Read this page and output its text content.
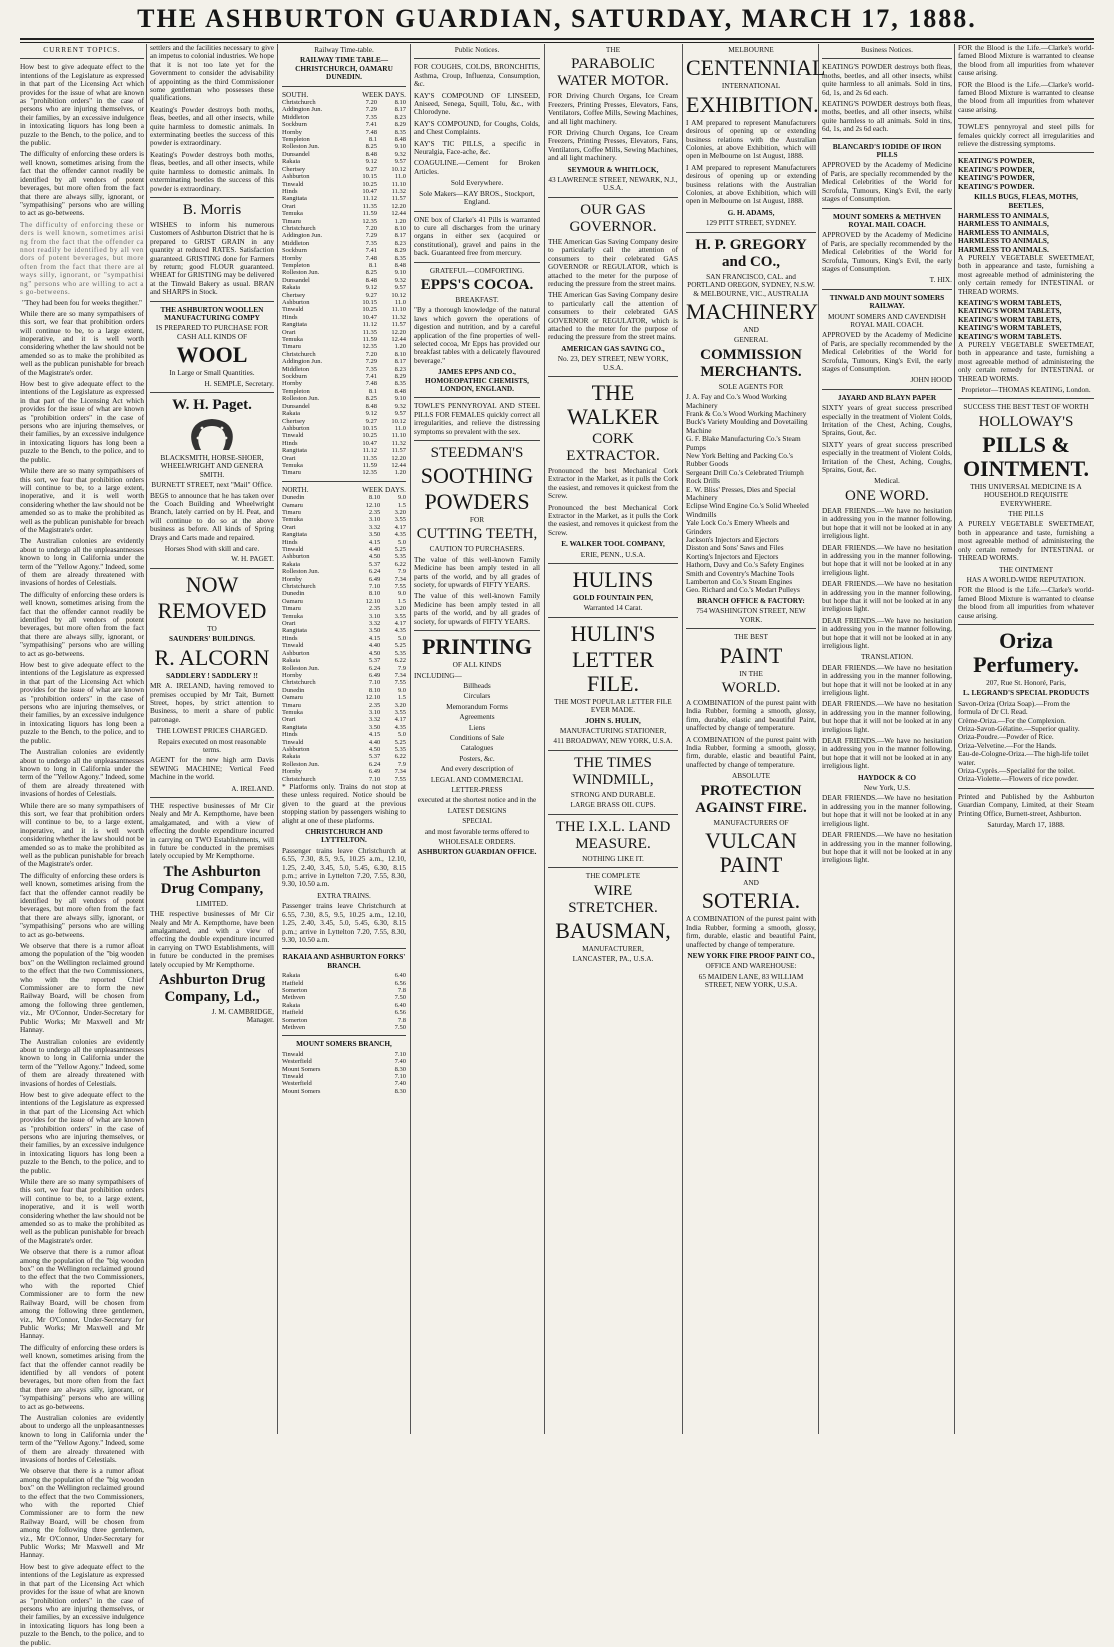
THE ASHBURTON GUARDIAN, SATURDAY, MARCH 17, 1888.
CURRENT TOPICS.

How best to give adequate effect to the intentions of the Legislature as expressed in that part of the Licensing Act which provides for the issue of what are known as "prohibition orders" in the case of persons who are injuring themselves, or their families, by an excessive indulgence in intoxicating liquors has long been a puzzle to the Bench, to the police, and to the public.

The difficulty of enforcing these orders is well known, sometimes arising from the fact that the offender cannot readily be identified by all vendors of potent beverages, but more often from the fact that there are always silly, ignorant, or "sympathising" persons who are willing to act as go-betweens.

The difficulty of enforcing these orders is well known, sometimes arising from the fact that the offender cannot readily be identified by all vendors of potent beverages, but more often from the fact that there are always silly, ignorant, or "sympathising" persons who are willing to act as go-betweens.

"They had been fou for weeks thegither."

While there are so many sympathisers of this sort, we fear that prohibition orders will continue to be, to a large extent, inoperative, and it is well worth considering whether the law should not be amended so as to make the prohibited as well as the publican punishable for breach of the Magistrate's order.

How best to give adequate effect to the intentions of the Legislature as expressed in that part of the Licensing Act which provides for the issue of what are known as "prohibition orders" in the case of persons who are injuring themselves, or their families, by an excessive indulgence in intoxicating liquors has long been a puzzle to the Bench, to the police, and to the public.

While there are so many sympathisers of this sort, we fear that prohibition orders will continue to be, to a large extent, inoperative, and it is well worth considering whether the law should not be amended so as to make the prohibited as well as the publican punishable for breach of the Magistrate's order.

The Australian colonies are evidently about to undergo all the unpleasantnesses known to long in California under the term of the "Yellow Agony." Indeed, some of them are already threatened with invasions of hordes of Celestials.

The difficulty of enforcing these orders is well known, sometimes arising from the fact that the offender cannot readily be identified by all vendors of potent beverages, but more often from the fact that there are always silly, ignorant, or "sympathising" persons who are willing to act as go-betweens.

How best to give adequate effect to the intentions of the Legislature as expressed in that part of the Licensing Act which provides for the issue of what are known as "prohibition orders" in the case of persons who are injuring themselves, or their families, by an excessive indulgence in intoxicating liquors has long been a puzzle to the Bench, to the police, and to the public.

The Australian colonies are evidently about to undergo all the unpleasantnesses known to long in California under the term of the "Yellow Agony." Indeed, some of them are already threatened with invasions of hordes of Celestials.

While there are so many sympathisers of this sort, we fear that prohibition orders will continue to be, to a large extent, inoperative, and it is well worth considering whether the law should not be amended so as to make the prohibited as well as the publican punishable for breach of the Magistrate's order.

The difficulty of enforcing these orders is well known, sometimes arising from the fact that the offender cannot readily be identified by all vendors of potent beverages, but more often from the fact that there are always silly, ignorant, or "sympathising" persons who are willing to act as go-betweens.

We observe that there is a rumor afloat among the population of the "big wooden box" on the Wellington reclaimed ground to the effect that the two Commissioners, who with the reported Chief Commissioner are to form the new Railway Board, will be chosen from among the following three gentlemen, viz., Mr O'Connor, Under-Secretary for Public Works; Mr Maxwell and Mr Hannay.

The Australian colonies are evidently about to undergo all the unpleasantnesses known to long in California under the term of the "Yellow Agony." Indeed, some of them are already threatened with invasions of hordes of Celestials.

How best to give adequate effect to the intentions of the Legislature as expressed in that part of the Licensing Act which provides for the issue of what are known as "prohibition orders" in the case of persons who are injuring themselves, or their families, by an excessive indulgence in intoxicating liquors has long been a puzzle to the Bench, to the police, and to the public.

While there are so many sympathisers of this sort, we fear that prohibition orders will continue to be, to a large extent, inoperative, and it is well worth considering whether the law should not be amended so as to make the prohibited as well as the publican punishable for breach of the Magistrate's order.

We observe that there is a rumor afloat among the population of the "big wooden box" on the Wellington reclaimed ground to the effect that the two Commissioners, who with the reported Chief Commissioner are to form the new Railway Board, will be chosen from among the following three gentlemen, viz., Mr O'Connor, Under-Secretary for Public Works; Mr Maxwell and Mr Hannay.

The difficulty of enforcing these orders is well known, sometimes arising from the fact that the offender cannot readily be identified by all vendors of potent beverages, but more often from the fact that there are always silly, ignorant, or "sympathising" persons who are willing to act as go-betweens.

The Australian colonies are evidently about to undergo all the unpleasantnesses known to long in California under the term of the "Yellow Agony." Indeed, some of them are already threatened with invasions of hordes of Celestials.

We observe that there is a rumor afloat among the population of the "big wooden box" on the Wellington reclaimed ground to the effect that the two Commissioners, who with the reported Chief Commissioner are to form the new Railway Board, will be chosen from among the following three gentlemen, viz., Mr O'Connor, Under-Secretary for Public Works; Mr Maxwell and Mr Hannay.

How best to give adequate effect to the intentions of the Legislature as expressed in that part of the Licensing Act which provides for the issue of what are known as "prohibition orders" in the case of persons who are injuring themselves, or their families, by an excessive indulgence in intoxicating liquors has long been a puzzle to the Bench, to the police, and to the public.

settlers and the facilities necessary to give an impetus to colonial industries. We hope that it is not too late yet for the Government to consider the advisability of appointing as the third Commissioner some gentleman who possesses these qualifications.

Keating's Powder destroys both moths, fleas, beetles, and all other insects, while quite harmless to domestic animals. In exterminating beetles the success of this powder is extraordinary.

Keating's Powder destroys both moths, fleas, beetles, and all other insects, while quite harmless to domestic animals. In exterminating beetles the success of this powder is extraordinary.

B. Morris

WISHES to inform his numerous Customers of Ashburton District that he is prepared to GRIST GRAIN in any quantity at reduced RATES. Satisfaction guaranteed. GRISTING done for Farmers by return; good FLOUR guaranteed. WHEAT for GRISTING may be delivered at the Tinwald Bakery as usual. BRAN and SHARPS in Stock.

THE ASHBURTON WOOLLEN MANUFACTURING COMPY
IS PREPARED TO PURCHASE FOR CASH ALL KINDS OF
WOOL
In Large or Small Quantities.
H. SEMPLE, Secretary.
W. H. Paget.
BLACKSMITH, HORSE-SHOER, WHEELWRIGHT AND GENERA SMITH.
BURNETT STREET, next "Mail" Office.

BEGS to announce that he has taken over the Coach Building and Wheelwright Branch, lately carried on by H. Peat, and will continue to do so at the above business as before. All kinds of Spring Drays and Carts made and repaired.

Horses Shod with skill and care.
W. H. PAGET.
NOW
REMOVED
TO
SAUNDERS' BUILDINGS.
R. ALCORN
SADDLERY ! SADDLERY !!

MR A. IRELAND, having removed to premises occupied by Mr Tait, Burnett Street, hopes, by strict attention to Business, to merit a share of public patronage.

THE LOWEST PRICES CHARGED.
Repairs executed on most reasonable terms.

AGENT for the new high arm Davis SEWING MACHINE; Vertical Feed Machine in the world.

A. IRELAND.

THE respective businesses of Mr Cir Nealy and Mr A. Kempthorne, have been amalgamated, and with a view of effecting the double expenditure incurred in carrying on TWO Establishments, will in future be conducted in the premises lately occupied by Mr Kempthorne.

The Ashburton Drug Company,
LIMITED.

THE respective businesses of Mr Cir Nealy and Mr A. Kempthorne, have been amalgamated, and with a view of effecting the double expenditure incurred in carrying on TWO Establishments, will in future be conducted in the premises lately occupied by Mr Kempthorne.

Ashburton Drug Company, Ld.,
J. M. CAMBRIDGE,
Manager.
Railway Time-table.
RAILWAY TIME TABLE—CHRISTCHURCH, OAMARU DUNEDIN.
SOUTH.	WEEK DAYS.
Christchurch	7.20	8.10
Addington Jun.	7.29	8.17
Middleton	7.35	8.23
Sockburn	7.41	8.29
Hornby	7.48	8.35
Templeton	8.1	8.48
Rolleston Jun.	8.25	9.10
Dunsandel	8.48	9.32
Rakaia	9.12	9.57
Chertsey	9.27	10.12
Ashburton	10.15	11.0
Tinwald	10.25	11.10
Hinds	10.47	11.32
Rangitata	11.12	11.57
Orari	11.35	12.20
Temuka	11.59	12.44
Timaru	12.35	1.20
Christchurch	7.20	8.10
Addington Jun.	7.29	8.17
Middleton	7.35	8.23
Sockburn	7.41	8.29
Hornby	7.48	8.35
Templeton	8.1	8.48
Rolleston Jun.	8.25	9.10
Dunsandel	8.48	9.32
Rakaia	9.12	9.57
Chertsey	9.27	10.12
Ashburton	10.15	11.0
Tinwald	10.25	11.10
Hinds	10.47	11.32
Rangitata	11.12	11.57
Orari	11.35	12.20
Temuka	11.59	12.44
Timaru	12.35	1.20
Christchurch	7.20	8.10
Addington Jun.	7.29	8.17
Middleton	7.35	8.23
Sockburn	7.41	8.29
Hornby	7.48	8.35
Templeton	8.1	8.48
Rolleston Jun.	8.25	9.10
Dunsandel	8.48	9.32
Rakaia	9.12	9.57
Chertsey	9.27	10.12
Ashburton	10.15	11.0
Tinwald	10.25	11.10
Hinds	10.47	11.32
Rangitata	11.12	11.57
Orari	11.35	12.20
Temuka	11.59	12.44
Timaru	12.35	1.20
NORTH.	WEEK DAYS.
Dunedin	8.10	9.0
Oamaru	12.10	1.5
Timaru	2.35	3.20
Temuka	3.10	3.55
Orari	3.32	4.17
Rangitata	3.50	4.35
Hinds	4.15	5.0
Tinwald	4.40	5.25
Ashburton	4.50	5.35
Rakaia	5.37	6.22
Rolleston Jun.	6.24	7.9
Hornby	6.49	7.34
Christchurch	7.10	7.55
Dunedin	8.10	9.0
Oamaru	12.10	1.5
Timaru	2.35	3.20
Temuka	3.10	3.55
Orari	3.32	4.17
Rangitata	3.50	4.35
Hinds	4.15	5.0
Tinwald	4.40	5.25
Ashburton	4.50	5.35
Rakaia	5.37	6.22
Rolleston Jun.	6.24	7.9
Hornby	6.49	7.34
Christchurch	7.10	7.55
Dunedin	8.10	9.0
Oamaru	12.10	1.5
Timaru	2.35	3.20
Temuka	3.10	3.55
Orari	3.32	4.17
Rangitata	3.50	4.35
Hinds	4.15	5.0
Tinwald	4.40	5.25
Ashburton	4.50	5.35
Rakaia	5.37	6.22
Rolleston Jun.	6.24	7.9
Hornby	6.49	7.34
Christchurch	7.10	7.55

* Platforms only. Trains do not stop at these unless required. Notice should be given to the guard at the previous stopping station by passengers wishing to alight at one of these platforms.

CHRISTCHURCH AND LYTTELTON.

Passenger trains leave Christchurch at 6.55, 7.30, 8.5, 9.5, 10.25 a.m., 12.10, 1.25, 2.40, 3.45, 5.0, 5.45, 6.30, 8.15 p.m.; arrive in Lyttelton 7.20, 7.55, 8.30, 9.30, 10.50 a.m.

EXTRA TRAINS.

Passenger trains leave Christchurch at 6.55, 7.30, 8.5, 9.5, 10.25 a.m., 12.10, 1.25, 2.40, 3.45, 5.0, 5.45, 6.30, 8.15 p.m.; arrive in Lyttelton 7.20, 7.55, 8.30, 9.30, 10.50 a.m.

RAKAIA AND ASHBURTON FORKS' BRANCH.
Rakaia	6.40
Hatfield	6.56
Somerton	7.8
Methven	7.50
Rakaia	6.40
Hatfield	6.56
Somerton	7.8
Methven	7.50
MOUNT SOMERS BRANCH,
Tinwald	7.10
Westerfield	7.40
Mount Somers	8.30
Tinwald	7.10
Westerfield	7.40
Mount Somers	8.30
Public Notices.

FOR COUGHS, COLDS, BRONCHITIS, Asthma, Croup, Influenza, Consumption, &c.

KAY'S COMPOUND OF LINSEED, Aniseed, Senega, Squill, Tolu, &c., with Chlorodyne.

KAY'S COMPOUND, for Coughs, Colds, and Chest Complaints.

KAY'S TIC PILLS, a specific in Neuralgia, Face-ache, &c.

COAGULINE.—Cement for Broken Articles.

Sold Everywhere.
Sole Makers—KAY BROS., Stockport, England.

ONE box of Clarke's 41 Pills is warranted to cure all discharges from the urinary organs in either sex (acquired or constitutional), gravel and pains in the back. Guaranteed free from mercury.

GRATEFUL—COMFORTING.
EPPS'S COCOA.
BREAKFAST.

"By a thorough knowledge of the natural laws which govern the operations of digestion and nutrition, and by a careful application of the fine properties of well-selected cocoa, Mr Epps has provided our breakfast tables with a delicately flavoured beverage."

JAMES EPPS AND CO., HOMOEOPATHIC CHEMISTS, LONDON, ENGLAND.

TOWLE'S PENNYROYAL AND STEEL PILLS FOR FEMALES quickly correct all irregularities, and relieve the distressing symptoms so prevalent with the sex.

STEEDMAN'S
SOOTHING
POWDERS
FOR
CUTTING TEETH,
CAUTION TO PURCHASERS.

The value of this well-known Family Medicine has been amply tested in all parts of the world, and by all grades of society, for upwards of FIFTY YEARS.

The value of this well-known Family Medicine has been amply tested in all parts of the world, and by all grades of society, for upwards of FIFTY YEARS.

PRINTING
OF ALL KINDS
INCLUDING—
Billheads
Circulars
Memorandum Forms
Agreements
Liens
Conditions of Sale
Catalogues
Posters, &c.
And every description of
LEGAL AND COMMERCIAL
LETTER-PRESS
executed at the shortest notice and in the
LATEST DESIGNS
SPECIAL
and most favorable terms offered to
WHOLESALE ORDERS.
ASHBURTON GUARDIAN OFFICE.
THE
PARABOLIC WATER MOTOR.

FOR Driving Church Organs, Ice Cream Freezers, Printing Presses, Elevators, Fans, Ventilators, Coffee Mills, Sewing Machines, and all light machinery.

FOR Driving Church Organs, Ice Cream Freezers, Printing Presses, Elevators, Fans, Ventilators, Coffee Mills, Sewing Machines, and all light machinery.

SEYMOUR & WHITLOCK,
43 LAWRENCE STREET, NEWARK, N.J., U.S.A.
OUR GAS GOVERNOR.

THE American Gas Saving Company desire to particularly call the attention of consumers to their celebrated GAS GOVERNOR or REGULATOR, which is attached to the meter for the purpose of reducing the pressure from the street mains.

THE American Gas Saving Company desire to particularly call the attention of consumers to their celebrated GAS GOVERNOR or REGULATOR, which is attached to the meter for the purpose of reducing the pressure from the street mains.

AMERICAN GAS SAVING CO.,
No. 23, DEY STREET, NEW YORK, U.S.A.
THE WALKER
CORK EXTRACTOR.

Pronounced the best Mechanical Cork Extractor in the Market, as it pulls the Cork the easiest, and removes it quickest from the Screw.

Pronounced the best Mechanical Cork Extractor in the Market, as it pulls the Cork the easiest, and removes it quickest from the Screw.

E. WALKER TOOL COMPANY,
ERIE, PENN., U.S.A.
HULINS
GOLD FOUNTAIN PEN,
Warranted 14 Carat.
HULIN'S
LETTER FILE.
THE MOST POPULAR LETTER FILE EVER MADE.
JOHN S. HULIN,
MANUFACTURING STATIONER,
411 BROADWAY, NEW YORK, U.S.A.
THE TIMES WINDMILL,
STRONG AND DURABLE.
LARGE BRASS OIL CUPS.
THE I.X.L. LAND MEASURE.
NOTHING LIKE IT.
THE COMPLETE
WIRE STRETCHER.
BAUSMAN,
MANUFACTURER,
LANCASTER, PA., U.S.A.
MELBOURNE
CENTENNIAL
INTERNATIONAL
EXHIBITION.

I AM prepared to represent Manufacturers desirous of opening up or extending business relations with the Australian Colonies, at above Exhibition, which will open in Melbourne on 1st August, 1888.

I AM prepared to represent Manufacturers desirous of opening up or extending business relations with the Australian Colonies, at above Exhibition, which will open in Melbourne on 1st August, 1888.

G. H. ADAMS,
129 PITT STREET, SYDNEY.
H. P. GREGORY and CO.,
SAN FRANCISCO, CAL. and PORTLAND OREGON, SYDNEY, N.S.W. & MELBOURNE, VIC., AUSTRALIA
MACHINERY
AND
GENERAL
COMMISSION MERCHANTS.
SOLE AGENTS FOR
J. A. Fay and Co.'s Wood Working Machinery
Frank & Co.'s Wood Working Machinery
Buck's Variety Moulding and Dovetailing Machine
G. F. Blake Manufacturing Co.'s Steam Pumps
New York Belting and Packing Co.'s Rubber Goods
Sergeant Drill Co.'s Celebrated Triumph Rock Drills
E. W. Bliss' Presses, Dies and Special Machinery
Eclipse Wind Engine Co.'s Solid Wheeled Windmills
Yale Lock Co.'s Emery Wheels and Grinders
Jackson's Injectors and Ejectors
Disston and Sons' Saws and Files
Korting's Injectors and Ejectors
Hathorn, Davy and Co.'s Safety Engines
Smith and Coventry's Machine Tools
Lamberton and Co.'s Steam Engines
Geo. Richard and Co.'s Medart Pulleys
BRANCH OFFICE & FACTORY:
754 WASHINGTON STREET, NEW YORK.
THE BEST
PAINT
IN THE
WORLD.

A COMBINATION of the purest paint with India Rubber, forming a smooth, glossy, firm, durable, elastic and beautiful Paint, unaffected by change of temperature.

A COMBINATION of the purest paint with India Rubber, forming a smooth, glossy, firm, durable, elastic and beautiful Paint, unaffected by change of temperature.

ABSOLUTE
PROTECTION AGAINST FIRE.
MANUFACTURERS OF
VULCAN PAINT
AND
SOTERIA.

A COMBINATION of the purest paint with India Rubber, forming a smooth, glossy, firm, durable, elastic and beautiful Paint, unaffected by change of temperature.

NEW YORK FIRE PROOF PAINT CO.,
OFFICE AND WAREHOUSE:
65 MAIDEN LANE, 83 WILLIAM STREET, NEW YORK, U.S.A.
Business Notices.

KEATING'S POWDER destroys both fleas, moths, beetles, and all other insects, whilst quite harmless to all animals. Sold in tins, 6d, 1s, and 2s 6d each.

KEATING'S POWDER destroys both fleas, moths, beetles, and all other insects, whilst quite harmless to all animals. Sold in tins, 6d, 1s, and 2s 6d each.

BLANCARD'S IODIDE OF IRON PILLS

APPROVED by the Academy of Medicine of Paris, are specially recommended by the Medical Celebrities of the World for Scrofula, Tumours, King's Evil, the early stages of Consumption.

MOUNT SOMERS & METHVEN ROYAL MAIL COACH.

APPROVED by the Academy of Medicine of Paris, are specially recommended by the Medical Celebrities of the World for Scrofula, Tumours, King's Evil, the early stages of Consumption.

T. HIX.
TINWALD AND MOUNT SOMERS RAILWAY.
MOUNT SOMERS AND CAVENDISH ROYAL MAIL COACH.

APPROVED by the Academy of Medicine of Paris, are specially recommended by the Medical Celebrities of the World for Scrofula, Tumours, King's Evil, the early stages of Consumption.

JOHN HOOD
JAYARD AND BLAYN PAPER

SIXTY years of great success prescribed especially in the treatment of Violent Colds, Irritation of the Chest, Aching, Coughs, Sprains, Gout, &c.

SIXTY years of great success prescribed especially in the treatment of Violent Colds, Irritation of the Chest, Aching, Coughs, Sprains, Gout, &c.

Medical.
ONE WORD.

DEAR FRIENDS.—We have no hesitation in addressing you in the manner following, but hope that it will not be looked at in any irreligious light.

DEAR FRIENDS.—We have no hesitation in addressing you in the manner following, but hope that it will not be looked at in any irreligious light.

DEAR FRIENDS.—We have no hesitation in addressing you in the manner following, but hope that it will not be looked at in any irreligious light.

DEAR FRIENDS.—We have no hesitation in addressing you in the manner following, but hope that it will not be looked at in any irreligious light.

TRANSLATION.

DEAR FRIENDS.—We have no hesitation in addressing you in the manner following, but hope that it will not be looked at in any irreligious light.

DEAR FRIENDS.—We have no hesitation in addressing you in the manner following, but hope that it will not be looked at in any irreligious light.

DEAR FRIENDS.—We have no hesitation in addressing you in the manner following, but hope that it will not be looked at in any irreligious light.

HAYDOCK & CO
New York, U.S.

DEAR FRIENDS.—We have no hesitation in addressing you in the manner following, but hope that it will not be looked at in any irreligious light.

DEAR FRIENDS.—We have no hesitation in addressing you in the manner following, but hope that it will not be looked at in any irreligious light.

FOR the Blood is the Life.—Clarke's world-famed Blood Mixture is warranted to cleanse the blood from all impurities from whatever cause arising.

FOR the Blood is the Life.—Clarke's world-famed Blood Mixture is warranted to cleanse the blood from all impurities from whatever cause arising.

TOWLE'S pennyroyal and steel pills for females quickly correct all irregularities and relieve the distressing symptoms.

KEATING'S POWDER,
KEATING'S POWDER,
KEATING'S POWDER,
KEATING'S POWDER.
KILLS BUGS, FLEAS, MOTHS, BEETLES,
HARMLESS TO ANIMALS,
HARMLESS TO ANIMALS,
HARMLESS TO ANIMALS,
HARMLESS TO ANIMALS,
HARMLESS TO ANIMALS.

A PURELY VEGETABLE SWEETMEAT, both in appearance and taste, furnishing a most agreeable method of administering the only certain remedy for INTESTINAL or THREAD WORMS.

KEATING'S WORM TABLETS,
KEATING'S WORM TABLETS,
KEATING'S WORM TABLETS,
KEATING'S WORM TABLETS,
KEATING'S WORM TABLETS.

A PURELY VEGETABLE SWEETMEAT, both in appearance and taste, furnishing a most agreeable method of administering the only certain remedy for INTESTINAL or THREAD WORMS.

Proprietor—THOMAS KEATING, London.
SUCCESS THE BEST TEST OF WORTH
HOLLOWAY'S
PILLS & OINTMENT.
THIS UNIVERSAL MEDICINE IS A HOUSEHOLD REQUISITE EVERYWHERE.
THE PILLS

A PURELY VEGETABLE SWEETMEAT, both in appearance and taste, furnishing a most agreeable method of administering the only certain remedy for INTESTINAL or THREAD WORMS.

THE OINTMENT
HAS A WORLD-WIDE REPUTATION.

FOR the Blood is the Life.—Clarke's world-famed Blood Mixture is warranted to cleanse the blood from all impurities from whatever cause arising.

Oriza Perfumery.
207, Rue St. Honoré, Paris,
L. LEGRAND'S SPECIAL PRODUCTS
Savon-Oriza (Oriza Soap).—From the formula of Dr Cl. Read.
Crème-Oriza.—For the Complexion.
Oriza-Savon-Gélatine.—Superior quality.
Oriza-Poudre.—Powder of Rice.
Oriza-Velvetine.—For the Hands.
Eau-de-Cologne-Oriza.—The high-life toilet water.
Oriza-Cyprès.—Specialité for the toilet.
Oriza-Violette.—Flowers of rice powder.

Printed and Published by the Ashburton Guardian Company, Limited, at their Steam Printing Office, Burnett-street, Ashburton.

Saturday, March 17, 1888.
